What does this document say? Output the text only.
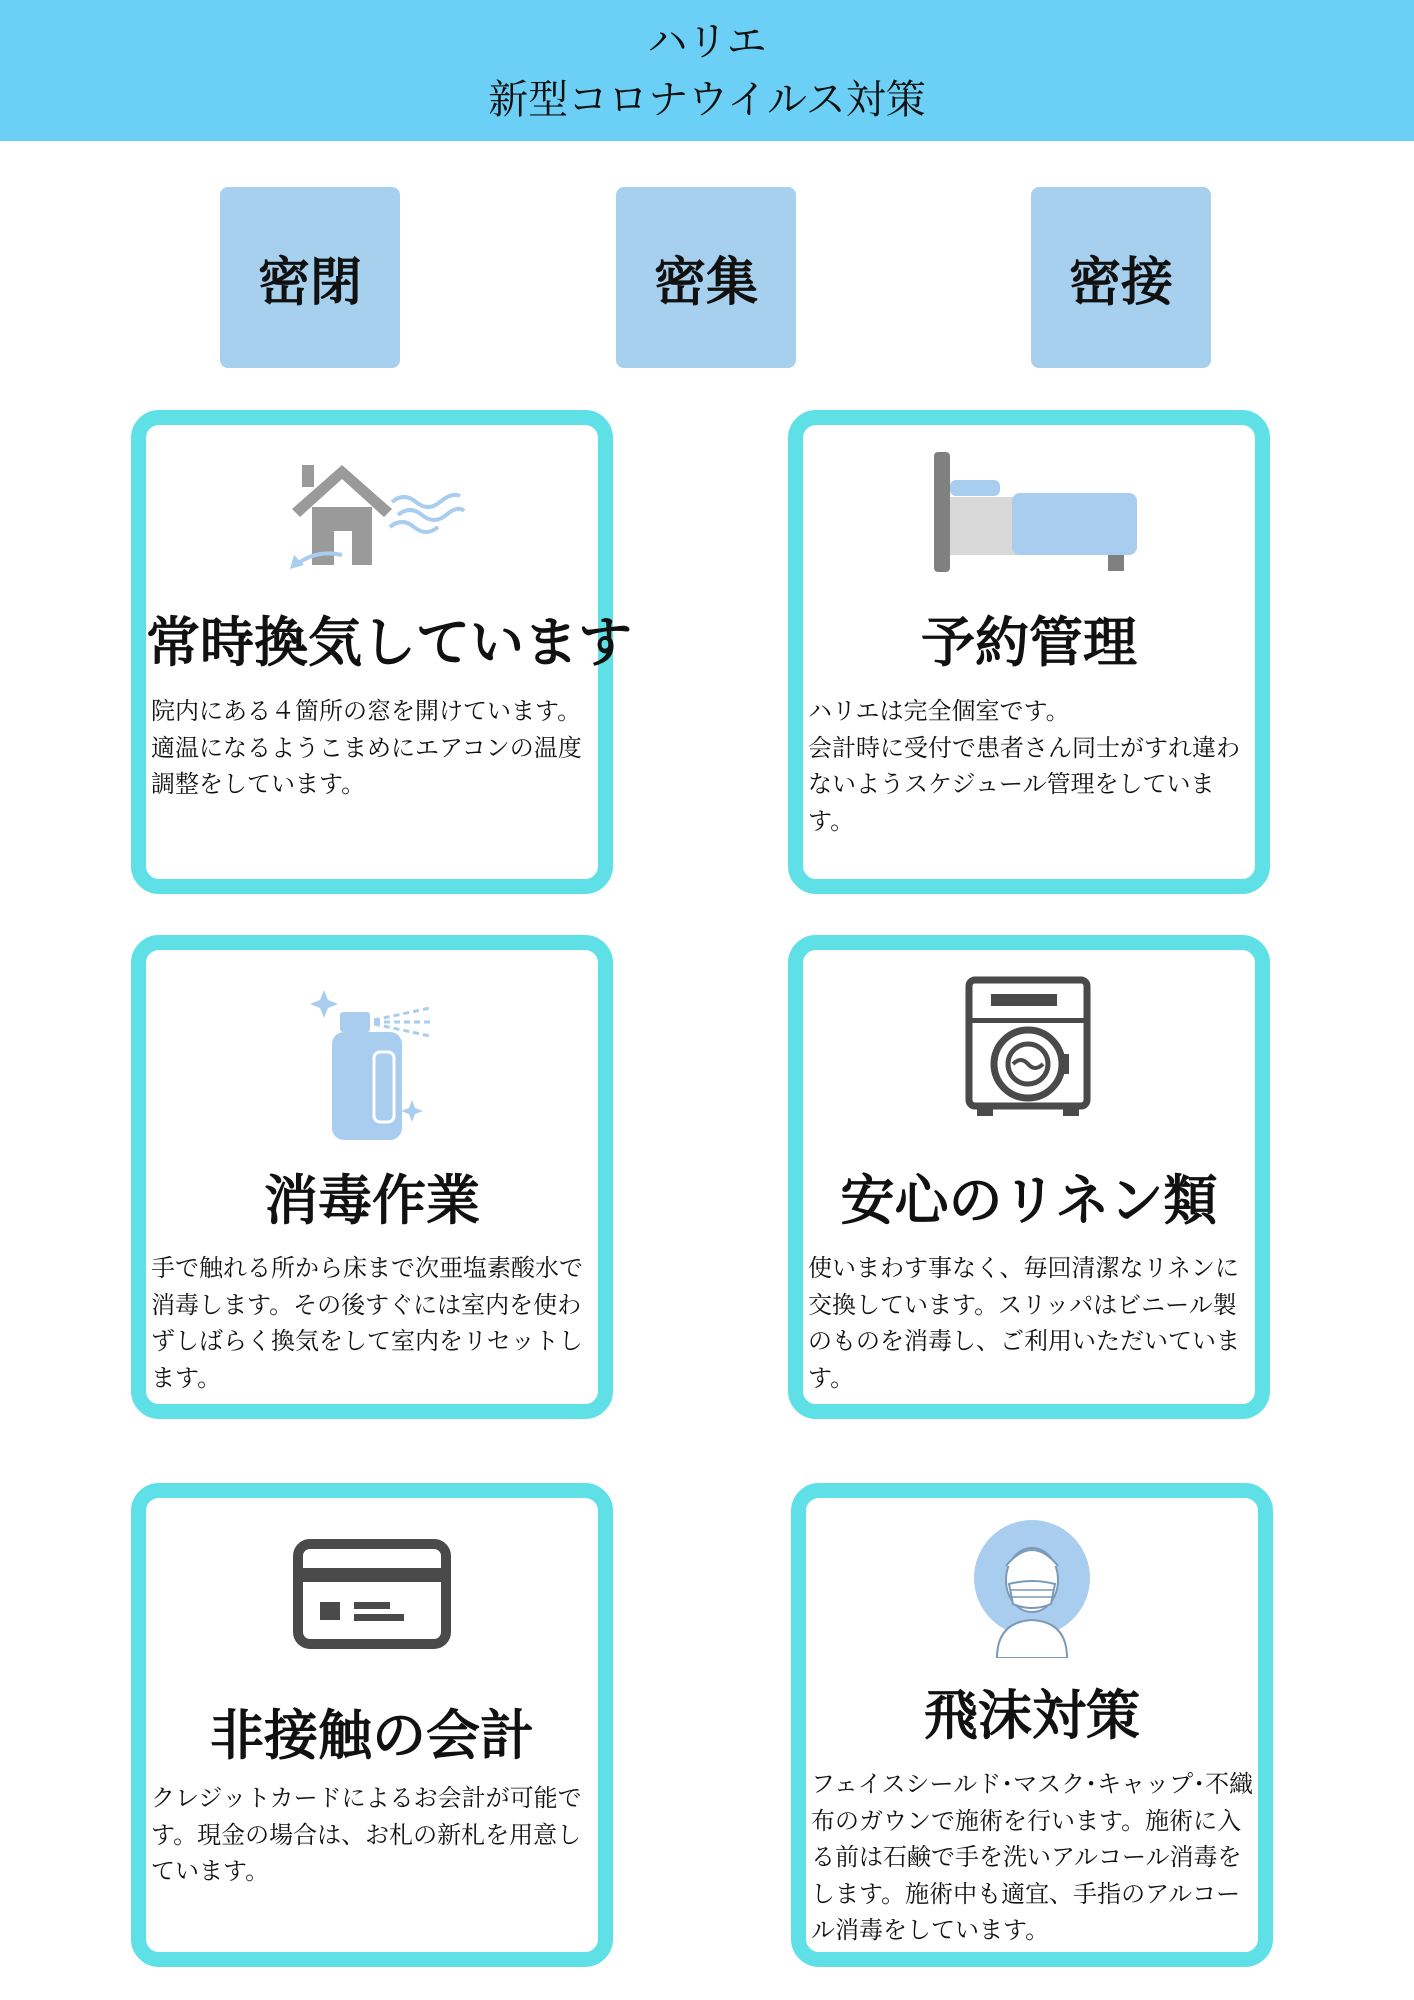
ハリエ
新型コロナウイルス対策
密閉	密集	密接
常時換気しています
院内にある４箇所の窓を開けています。適温になるようこまめにエアコンの温度調整をしています。
予約管理
ハリエは完全個室です。
会計時に受付で患者さん同士がすれ違わないようスケジュール管理をしています。
消毒作業
手で触れる所から床まで次亜塩素酸水で消毒します。その後すぐには室内を使わずしばらく換気をして室内をリセットします。
安心のリネン類
使いまわす事なく、毎回清潔なリネンに交換しています。スリッパはビニール製のものを消毒し、ご利用いただいています。
非接触の会計
クレジットカードによるお会計が可能です。現金の場合は、お札の新札を用意しています。
飛沫対策
フェイスシールド･マスク･キャップ･不織布のガウンで施術を行います。施術に入る前は石鹸で手を洗いアルコール消毒をします。施術中も適宜、手指のアルコール消毒をしています。
